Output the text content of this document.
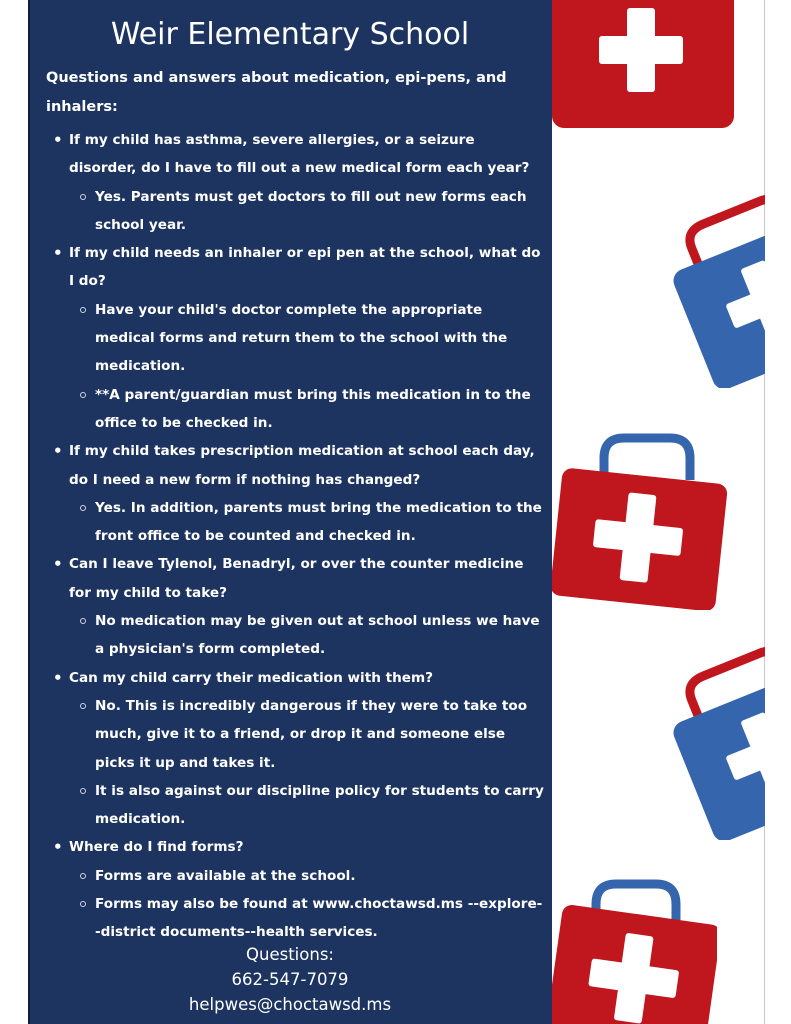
Weir Elementary School
Questions and answers about medication, epi-pens, and inhalers:
• If my child has asthma, severe allergies, or a seizure disorder, do I have to fill out a new medical form each year?
Yes. Parents must get doctors to fill out new forms each school year.
• If my child needs an inhaler or epi pen at the school, what do I do?
Have your child's doctor complete the appropriate medical forms and return them to the school with the medication.
**A parent/guardian must bring this medication in to the office to be checked in.
• If my child takes prescription medication at school each day, do I need a new form if nothing has changed?
Yes. In addition, parents must bring the medication to the front office to be counted and checked in.
• Can I leave Tylenol, Benadryl, or over the counter medicine for my child to take?
No medication may be given out at school unless we have a physician's form completed.
• Can my child carry their medication with them?
No. This is incredibly dangerous if they were to take too much, give it to a friend, or drop it and someone else picks it up and takes it.
It is also against our discipline policy for students to carry medication.
• Where do I find forms?
Forms are available at the school.
Forms may also be found at www.choctawsd.ms --explore--district documents--health services.
Questions:
662-547-7079
helpwes@choctawsd.ms
